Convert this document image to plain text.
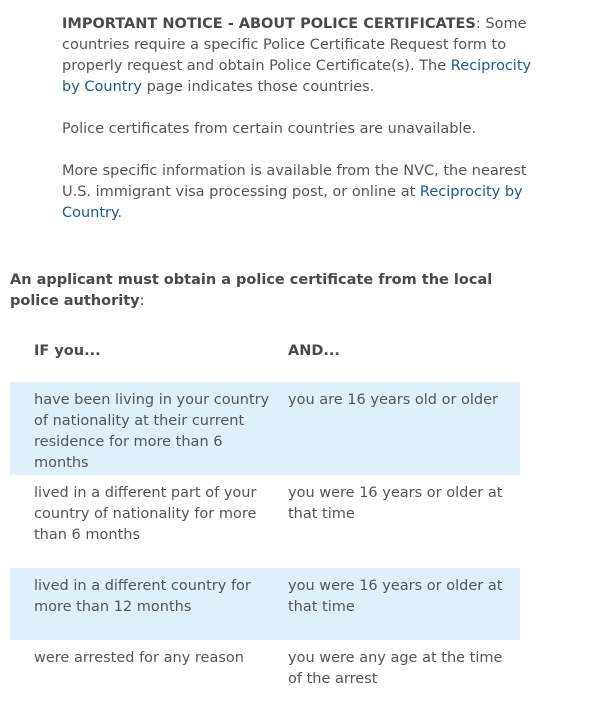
IMPORTANT NOTICE - ABOUT POLICE CERTIFICATES: Some countries require a specific Police Certificate Request form to properly request and obtain Police Certificate(s). The Reciprocity by Country page indicates those countries.

Police certificates from certain countries are unavailable.

More specific information is available from the NVC, the nearest U.S. immigrant visa processing post, or online at Reciprocity by Country.

An applicant must obtain a police certificate from the local police authority:
IF you...	AND...
have been living in your country of nationality at their current residence for more than 6 months	you are 16 years old or older
lived in a different part of your country of nationality for more than 6 months	you were 16 years or older at that time
lived in a different country for more than 12 months	you were 16 years or older at that time
were arrested for any reason	you were any age at the time of the arrest
